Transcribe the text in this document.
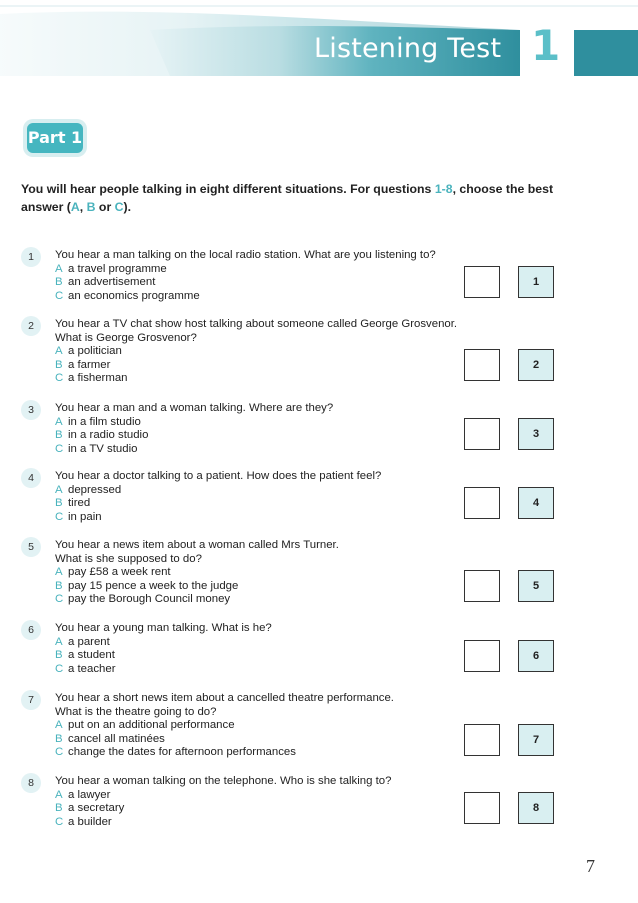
Listening Test 1
Part 1
You will hear people talking in eight different situations. For questions 1-8, choose the best answer (A, B or C).
1	You hear a man talking on the local radio station. What are you listening to?
A a travel programme
B an advertisement
C an economics programme
1
2	You hear a TV chat show host talking about someone called George Grosvenor.
What is George Grosvenor?
A a politician
B a farmer
C a fisherman
2
3	You hear a man and a woman talking. Where are they?
A in a film studio
B in a radio studio
C in a TV studio
3
4	You hear a doctor talking to a patient. How does the patient feel?
A depressed
B tired
C in pain
4
5	You hear a news item about a woman called Mrs Turner.
What is she supposed to do?
A pay £58 a week rent
B pay 15 pence a week to the judge
C pay the Borough Council money
5
6	You hear a young man talking. What is he?
A a parent
B a student
C a teacher
6
7	You hear a short news item about a cancelled theatre performance.
What is the theatre going to do?
A put on an additional performance
B cancel all matinées
C change the dates for afternoon performances
7
8	You hear a woman talking on the telephone. Who is she talking to?
A a lawyer
B a secretary
C a builder
8
7
